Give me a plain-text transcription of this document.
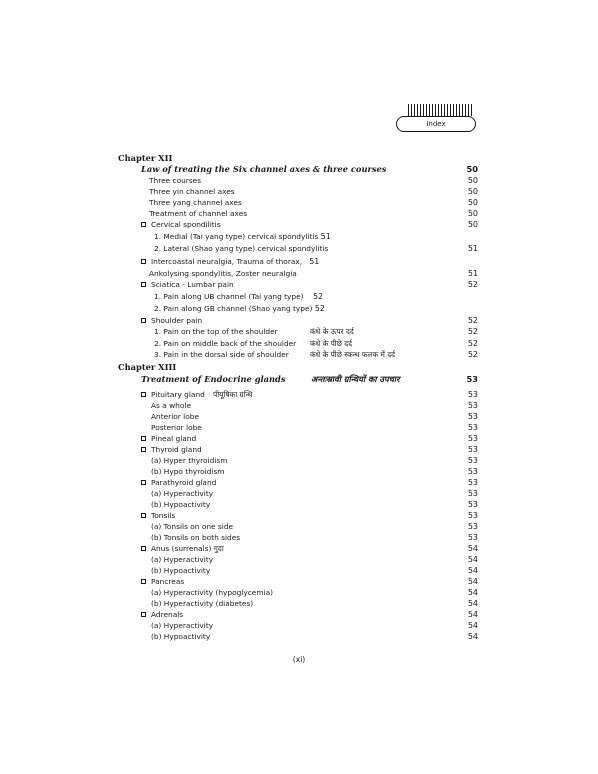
Index
Chapter XII
Law of treating the Six channel axes & three courses	50
Three courses	50
Three yin channel axes	50
Three yang channel axes	50
Treatment of channel axes	50
Cervical spondilitis	50
1. Medial (Tai yang type) cervical spondylitis 51
2. Lateral (Shao yang type) cervical spondylitis	51
Intercoastal neuralgia, Trauma of thorax, 51
Ankolysing spondylitis, Zoster neuralgia	51
Sciatica - Lumbar pain	52
1. Pain along UB channel (Tai yang type) 52
2. Pain along GB channel (Shao yang type) 52
Shoulder pain	52
1. Pain on the top of the shoulder	कंधे के ऊपर दर्द	52
2. Pain on middle back of the shoulder कंधे के पीछे दर्द	52
3. Pain in the dorsal side of shoulder	कंधे के पीछे स्कन्ध फलक में दर्द	52
Chapter XIII
Treatment of Endocrine glands	अन्तःस्रावी ग्रन्थियों का उपचार	53
Pituitary gland पीयूषिका ग्रन्थि	53
As a whole	53
Anterior lobe	53
Posterior lobe	53
Pineal gland	53
Thyroid gland	53
(a) Hyper thyroidism	53
(b) Hypo thyroidism	53
Parathyroid gland	53
(a) Hyperactivity	53
(b) Hypoactivity	53
Tonsils	53
(a) Tonsils on one side	53
(b) Tonsils on both sides	53
Anus (surrenals) गुदा	54
(a) Hyperactivity	54
(b) Hypoactivity	54
Pancreas	54
(a) Hyperactivity (hypoglycemia)	54
(b) Hyperactivity (diabetes)	54
Adrenals	54
(a) Hyperactivity	54
(b) Hypoactivity	54
(xi)
